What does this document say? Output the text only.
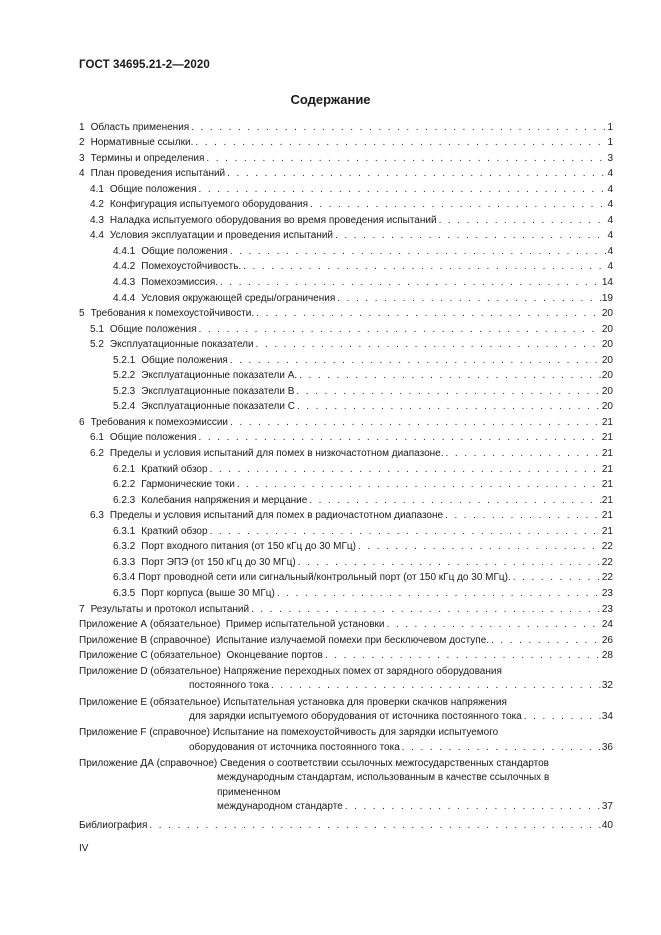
ГОСТ 34695.21-2—2020
Содержание
1 Область применения . . .	1
2 Нормативные ссылки. . . .	1
3 Термины и определения . . .	3
4 План проведения испытаний . . .	4
4.1 Общие положения . . .	4
4.2 Конфигурация испытуемого оборудования . . .	4
4.3 Наладка испытуемого оборудования во время проведения испытаний . . .	4
4.4 Условия эксплуатации и проведения испытаний . . .	4
4.4.1 Общие положения . . .	4
4.4.2 Помехоустойчивость. . . .	4
4.4.3 Помехоэмиссия. . . .	14
4.4.4 Условия окружающей среды/ограничения . . .	19
5 Требования к помехоустойчивости. . . .	20
5.1 Общие положения . . .	20
5.2 Эксплуатационные показатели . . .	20
5.2.1 Общие положения . . .	20
5.2.2 Эксплуатационные показатели А. . . .	20
5.2.3 Эксплуатационные показатели В . . .	20
5.2.4 Эксплуатационные показатели С . . .	20
6 Требования к помехоэмиссии . . .	21
6.1 Общие положения . . .	21
6.2 Пределы и условия испытаний для помех в низкочастотном диапазоне. . . .	21
6.2.1 Краткий обзор . . .	21
6.2.2 Гармонические токи . . .	21
6.2.3 Колебания напряжения и мерцание . . .	21
6.3 Пределы и условия испытаний для помех в радиочастотном диапазоне . . .	21
6.3.1 Краткий обзор . . .	21
6.3.2 Порт входного питания (от 150 кГц до 30 МГц) . . .	22
6.3.3 Порт ЭПЭ (от 150 кГц до 30 МГц) . . .	22
6.3.4 Порт проводной сети или сигнальный/контрольный порт (от 150 кГц до 30 МГц). . . .	22
6.3.5 Порт корпуса (выше 30 МГц) . . .	23
7 Результаты и протокол испытаний . . .	23
Приложение А (обязательное) Пример испытательной установки . . .	24
Приложение В (справочное) Испытание излучаемой помехи при бесключевом доступе. . . .	26
Приложение С (обязательное) Оконцевание портов . . .	28
Приложение D (обязательное)
Напряжение переходных помех от зарядного оборудования
постоянного тока . . .	32
Приложение Е (обязательное)
Испытательная установка для проверки скачков напряжения
для зарядки испытуемого оборудования от источника постоянного тока . . .	34
Приложение F (справочное)
Испытание на помехоустойчивость для зарядки испытуемого
оборудования от источника постоянного тока . . .	36
Приложение ДА (справочное)
Сведения о соответствии ссылочных межгосударственных стандартов
международным стандартам, использованным в качестве ссылочных в примененном
международном стандарте . . .	37
Библиография . . .	40
IV
